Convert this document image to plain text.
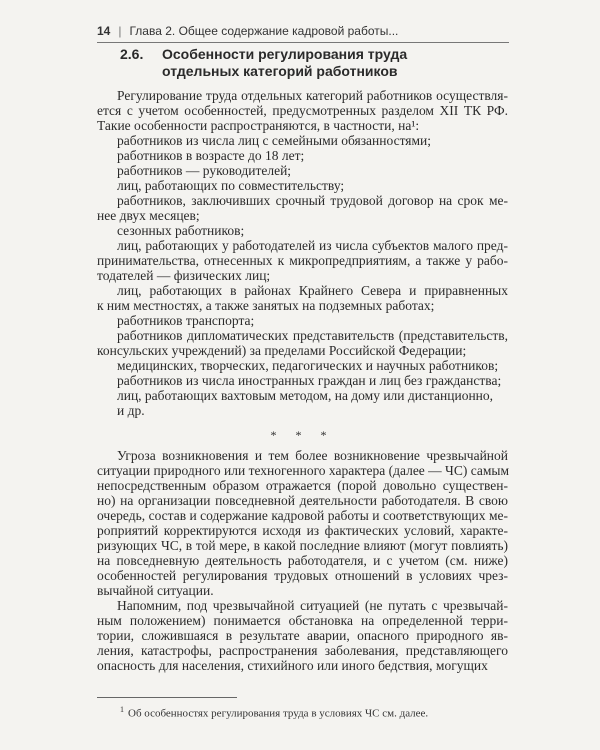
14 | Глава 2. Общее содержание кадровой работы...
2.6. Особенности регулирования труда
отдельных категорий работников
Регулирование труда отдельных категорий работников осуществля-
ется с учетом особенностей, предусмотренных разделом XII ТК РФ.
Такие особенности распространяются, в частности, на¹:
работников из числа лиц с семейными обязанностями;
работников в возрасте до 18 лет;
работников — руководителей;
лиц, работающих по совместительству;
работников, заключивших срочный трудовой договор на срок ме-
нее двух месяцев;
сезонных работников;
лиц, работающих у работодателей из числа субъектов малого пред-
принимательства, отнесенных к микропредприятиям, а также у рабо-
тодателей — физических лиц;
лиц, работающих в районах Крайнего Севера и приравненных
к ним местностях, а также занятых на подземных работах;
работников транспорта;
работников дипломатических представительств (представительств,
консульских учреждений) за пределами Российской Федерации;
медицинских, творческих, педагогических и научных работников;
работников из числа иностранных граждан и лиц без гражданства;
лиц, работающих вахтовым методом, на дому или дистанционно,
и др.
* * *
Угроза возникновения и тем более возникновение чрезвычайной
ситуации природного или техногенного характера (далее — ЧС) самым
непосредственным образом отражается (порой довольно существен-
но) на организации повседневной деятельности работодателя. В свою
очередь, состав и содержание кадровой работы и соответствующих ме-
роприятий корректируются исходя из фактических условий, характе-
ризующих ЧС, в той мере, в какой последние влияют (могут повлиять)
на повседневную деятельность работодателя, и с учетом (см. ниже)
особенностей регулирования трудовых отношений в условиях чрез-
вычайной ситуации.
Напомним, под чрезвычайной ситуацией (не путать с чрезвычай-
ным положением) понимается обстановка на определенной терри-
тории, сложившаяся в результате аварии, опасного природного яв-
ления, катастрофы, распространения заболевания, представляющего
опасность для населения, стихийного или иного бедствия, могущих
$^1$ Об особенностях регулирования труда в условиях ЧС см. далее.
